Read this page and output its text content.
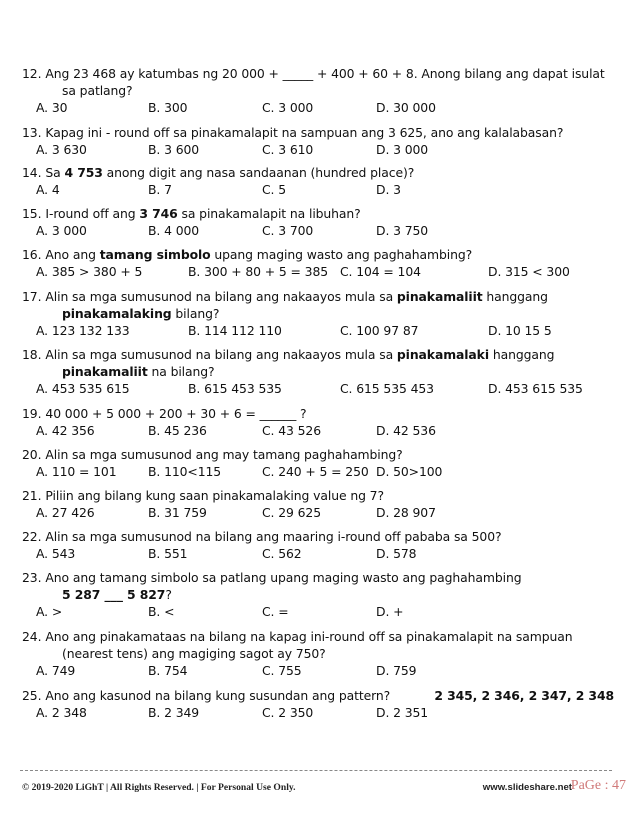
12. Ang 23 468 ay katumbas ng 20 000 + _____ + 400 + 60 + 8. Anong bilang ang dapat isulat
sa patlang?
A. 30	B. 300	C. 3 000	D. 30 000
13. Kapag ini - round off sa pinakamalapit na sampuan ang 3 625, ano ang kalalabasan?
A. 3 630	B. 3 600	C. 3 610	D. 3 000
14. Sa 4 753 anong digit ang nasa sandaanan (hundred place)?
A. 4	B. 7	C. 5	D. 3
15. I-round off ang 3 746 sa pinakamalapit na libuhan?
A. 3 000	B. 4 000	C. 3 700	D. 3 750
16. Ano ang tamang simbolo upang maging wasto ang paghahambing?
A. 385 > 380 + 5	B. 300 + 80 + 5 = 385 C. 104 = 104	D. 315 < 300
17. Alin sa mga sumusunod na bilang ang nakaayos mula sa pinakamaliit hanggang
pinakamalaking bilang?
A. 123 132 133	B. 114 112 110	C. 100 97 87	D. 10 15 5
18. Alin sa mga sumusunod na bilang ang nakaayos mula sa pinakamalaki hanggang
pinakamaliit na bilang?
A. 453 535 615	B. 615 453 535	C. 615 535 453	D. 453 615 535
19. 40 000 + 5 000 + 200 + 30 + 6 = ______ ?
A. 42 356	B. 45 236	C. 43 526	D. 42 536
20. Alin sa mga sumusunod ang may tamang paghahambing?
A. 110 = 101	B. 110<115	C. 240 + 5 = 250 D. 50>100
21. Piliin ang bilang kung saan pinakamalaking value ng 7?
A. 27 426	B. 31 759	C. 29 625	D. 28 907
22. Alin sa mga sumusunod na bilang ang maaring i-round off pababa sa 500?
A. 543	B. 551	C. 562	D. 578
23. Ano ang tamang simbolo sa patlang upang maging wasto ang paghahambing
5 287 ___ 5 827?
A. >	B. <	C. =	D. +
24. Ano ang pinakamataas na bilang na kapag ini-round off sa pinakamalapit na sampuan
(nearest tens) ang magiging sagot ay 750?
A. 749	B. 754	C. 755	D. 759
25. Ano ang kasunod na bilang kung susundan ang pattern?	2 345, 2 346, 2 347, 2 348
A. 2 348	B. 2 349	C. 2 350	D. 2 351
© 2019-2020 LiGhT | All Rights Reserved. | For Personal Use Only.	www.slideshare.net
PaGe : 47
